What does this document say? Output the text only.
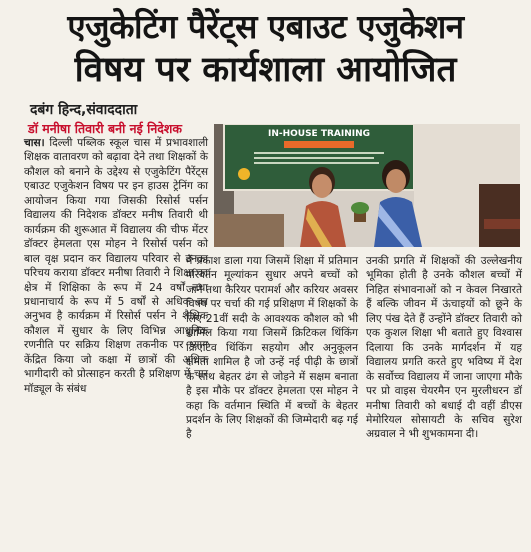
एजुकेटिंग पैरेंट्स एबाउट एजुकेशन
विषय पर कार्यशाला आयोजित
दबंग हिन्द,संवाददाता
डॉ मनीषा तिवारी बनी नई निदेशक	IN-HOUSE TRAINING

चास। दिल्ली पब्लिक स्कूल चास में प्रभावशाली शिक्षक वातावरण को बढ़ावा देने तथा शिक्षकों के कौशल को बनाने के उद्देश्य से एजुकेटिंग पैरेंट्स एबाउट एजुकेशन विषय पर इन हाउस ट्रेनिंग का आयोजन किया गया जिसकी रिसोर्स पर्सन विद्यालय की निदेशक डॉक्टर मनीष तिवारी थी कार्यक्रम की शुरूआत में विद्यालय की चीफ मेंटर डॉक्टर हेमलता एस मोहन ने रिसोर्स पर्सन को बाल वृक्ष प्रदान कर विद्यालय परिवार से उनका परिचय कराया डॉक्टर मनीषा तिवारी ने शिक्षा का क्षेत्र में शिक्षिका के रूप में 24 वर्षों तथा प्रधानाचार्य के रूप में 5 वर्षों से अधिक का अनुभव है कार्यक्रम में रिसोर्स पर्सन ने शैक्षिक कौशल में सुधार के लिए विभिन्न आधुनिक रणनीति पर सक्रिय शिक्षण तकनीक पर ध्यान केंद्रित किया जो कक्षा में छात्रों की अधिक भागीदारी को प्रोत्साहन करती है प्रशिक्षण में चार मॉड्यूल के संबंध

में प्रकाश डाला गया जिसमें शिक्षा में प्रतिमान परिवर्तन मूल्यांकन सुधार अपने बच्चों को जाने तथा कैरियर परामर्श और करियर अवसर विषय पर चर्चा की गई प्रशिक्षण में शिक्षकों के लिए 21वीं सदी के आवश्यक कौशल को भी शामिल किया गया जिसमें क्रिटिकल थिंकिंग क्रिएटिव थिंकिंग सहयोग और अनुकूलन क्षमता शामिल है जो उन्हें नई पीढ़ी के छात्रों के साथ बेहतर ढंग से जोड़ने में सक्षम बनाता है इस मौके पर डॉक्टर हेमलता एस मोहन ने कहा कि वर्तमान स्थिति में बच्चों के बेहतर प्रदर्शन के लिए शिक्षकों की जिम्मेदारी बढ़ गई है

उनकी प्रगति में शिक्षकों की उल्लेखनीय भूमिका होती है उनके कौशल बच्चों में निहित संभावनाओं को न केवल निखारते हैं बल्कि जीवन में ऊंचाइयों को छूने के लिए पंख देते हैं उन्होंने डॉक्टर तिवारी को एक कुशल शिक्षा भी बताते हुए विश्वास दिलाया कि उनके मार्गदर्शन में यह विद्यालय प्रगति करते हुए भविष्य में देश के सर्वोच्च विद्यालय में जाना जाएगा मौके पर प्रो वाइस चेयरमैन एन मुरलीधरन डॉ मनीषा तिवारी को बधाई दी वहीं डीएस मेमोरियल सोसायटी के सचिव सुरेश अग्रवाल ने भी शुभकामना दी।
